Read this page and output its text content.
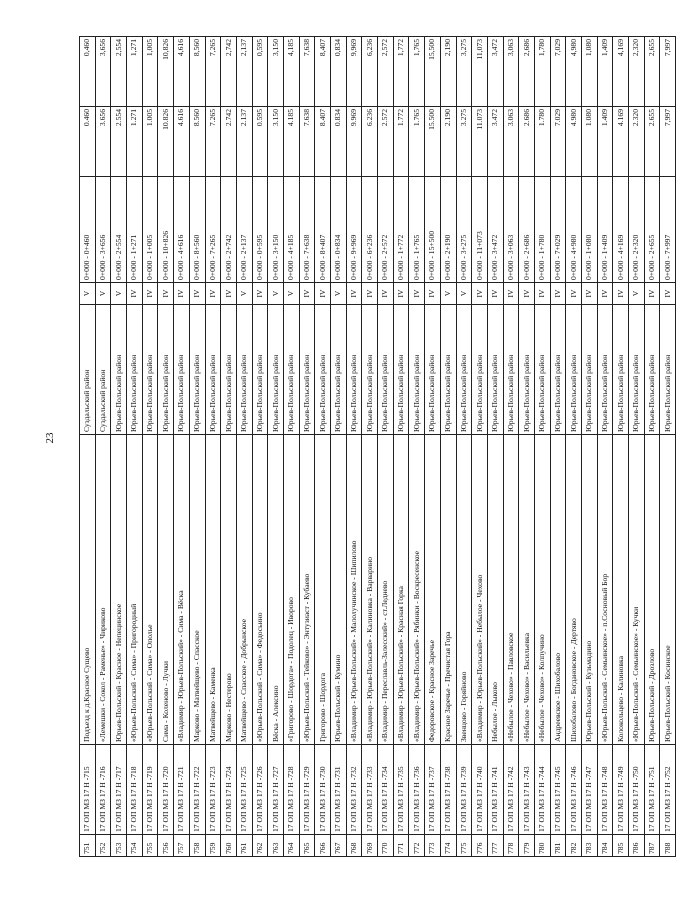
23
751	17 ОП МЗ 17 Н -715	Подъезд к д.Красное Сущево	Суздальский район	V	0+000 - 0+460	0.460	0,460
752	17 ОП МЗ 17 Н -716	«Лемешки - Сокол - Раменье» - Чириково	Суздальский район	V	0+000 - 3+656	3.656	3,656
753	17 ОП МЗ 17 Н -717	Юрьев-Польский - Красное - Непецинское	Юрьев-Польский район	V	0+000 - 2+554	2.554	2,554
754	17 ОП МЗ 17 Н -718	«Юрьев-Польский - Сима» - Пригородный	Юрьев-Польский район	IV	0+000 - 1+271	1.271	1,271
755	17 ОП МЗ 17 Н -719	«Юрьев-Польский - Сима» - Ополье	Юрьев-Польский район	IV	0+000 - 1+005	1.005	1,005
756	17 ОП МЗ 17 Н -720	Сима - Коленово - Лучки	Юрьев-Польский район	IV	0+000 - 10+826	10.826	10,826
757	17 ОП МЗ 17 Н -721	«Владимир - Юрьев-Польский» - Сима - Вёска	Юрьев-Польский район	IV	0+000 - 4+616	4.616	4,616
758	17 ОП МЗ 17 Н -722	Марково - Матвейщево - Спасское	Юрьев-Польский район	IV	0+000 - 8+560	8.560	8,560
759	17 ОП МЗ 17 Н -723	Матвейщево - Каменка	Юрьев-Польский район	IV	0+000 - 7+265	7.265	7,265
760	17 ОП МЗ 17 Н -724	Марково - Нестерово	Юрьев-Польский район	IV	0+000 - 2+742	2.742	2,742
761	17 ОП МЗ 17 Н -725	Матвейщево - Спасское - Добрынское	Юрьев-Польский район	V	0+000 - 2+137	2.137	2,137
762	17 ОП МЗ 17 Н -726	«Юрьев-Польский - Сима» - Федосьино	Юрьев-Польский район	IV	0+000 - 0+595	0.595	0,595
763	17 ОП МЗ 17 Н -727	Вёска - Алексино	Юрьев-Польский район	V	0+000 - 3+150	3.150	3,150
764	17 ОП МЗ 17 Н -728	«Григорово - Шордога» - Подолец - Иворово	Юрьев-Польский район	V	0+000 - 4+185	4.185	4,185
765	17 ОП МЗ 17 Н -729	«Юрьев-Польский - Тейково» - Энтузиаст - Кубаево	Юрьев-Польский район	IV	0+000 - 7+638	7.638	7,638
766	17 ОП МЗ 17 Н -730	Григорово - Шордога	Юрьев-Польский район	IV	0+000 - 8+407	8.407	8,407
767	17 ОП МЗ 17 Н -731	Юрьев-Польский - Кумино	Юрьев-Польский район	V	0+000 - 0+834	0.834	0,834
768	17 ОП МЗ 17 Н -732	«Владимир - Юрьев-Польский» - Малолучинское - Шипилово	Юрьев-Польский район	IV	0+000 - 9+969	9.969	9,969
769	17 ОП МЗ 17 Н -733	«Владимир - Юрьев-Польский» - Калиновка - Варварино	Юрьев-Польский район	IV	0+000 - 6+236	6.236	6,236
770	17 ОП МЗ 17 Н -734	«Владимир - Переславль-Залесский» - ст.Леднево	Юрьев-Польский район	IV	0+000 - 2+572	2.572	2,572
771	17 ОП МЗ 17 Н -735	«Владимир - Юрьев-Польский» - Красная Горка	Юрьев-Польский район	IV	0+000 - 1+772	1.772	1,772
772	17 ОП МЗ 17 Н -736	«Владимир - Юрьев-Польский» - Рябинки - Воскресенское	Юрьев-Польский район	IV	0+000 - 1+765	1.765	1,765
773	17 ОП МЗ 17 Н -737	Федоровское - Красное Заречье	Юрьев-Польский район	IV	0+000 - 15+500	15.500	15,500
774	17 ОП МЗ 17 Н -738	Красное Заречье - Пречистая Гора	Юрьев-Польский район	V	0+000 - 2+190	2.190	2,190
775	17 ОП МЗ 17 Н -739	Звенцово - Горяйново	Юрьев-Польский район	V	0+000 - 3+275	3.275	3,275
776	17 ОП МЗ 17 Н -740	«Владимир - Юрьев-Польский» - Небылое - Чехово	Юрьев-Польский район	IV	0+000 - 11+073	11.073	11,073
777	17 ОП МЗ 17 Н -741	Небылое - Лыково	Юрьев-Польский район	IV	0+000 - 3+472	3.472	3,472
778	17 ОП МЗ 17 Н -742	«Небылое - Чехово» - Павловское	Юрьев-Польский район	IV	0+000 - 3+063	3.063	3,063
779	17 ОП МЗ 17 Н -743	«Небылое - Чехово» - Васильевка	Юрьев-Польский район	IV	0+000 - 2+686	2.686	2,686
780	17 ОП МЗ 17 Н -744	«Небылое - Чехово» - Колпучино	Юрьев-Польский район	IV	0+000 - 1+780	1.780	1,780
781	17 ОП МЗ 17 Н -745	Андреевское - Шихобалово	Юрьев-Польский район	IV	0+000 - 7+029	7.029	7,029
782	17 ОП МЗ 17 Н -746	Шихобалово - Богдановское - Дертяво	Юрьев-Польский район	IV	0+000 - 4+980	4.980	4,980
783	17 ОП МЗ 17 Н -747	Юрьев-Польский - Кузьмадино	Юрьев-Польский район	IV	0+000 - 1+080	1.080	1,080
784	17 ОП МЗ 17 Н -748	«Юрьев-Польский - Семьинское» - п.Сосновый Бор	Юрьев-Польский район	IV	0+000 - 1+409	1.409	1,409
785	17 ОП МЗ 17 Н -749	Колокольцево - Калиновка	Юрьев-Польский район	IV	0+000 - 4+169	4.169	4,169
786	17 ОП МЗ 17 Н -750	«Юрьев-Польский - Семьинское» - Кучки	Юрьев-Польский район	V	0+000 - 2+320	2.320	2,320
787	17 ОП МЗ 17 Н -751	Юрьев-Польский - Дрозлово	Юрьев-Польский район	IV	0+000 - 2+655	2.655	2,655
788	17 ОП МЗ 17 Н -752	Юрьев-Польский - Косинское	Юрьев-Польский район	IV	0+000 - 7+997	7,997	7,997
